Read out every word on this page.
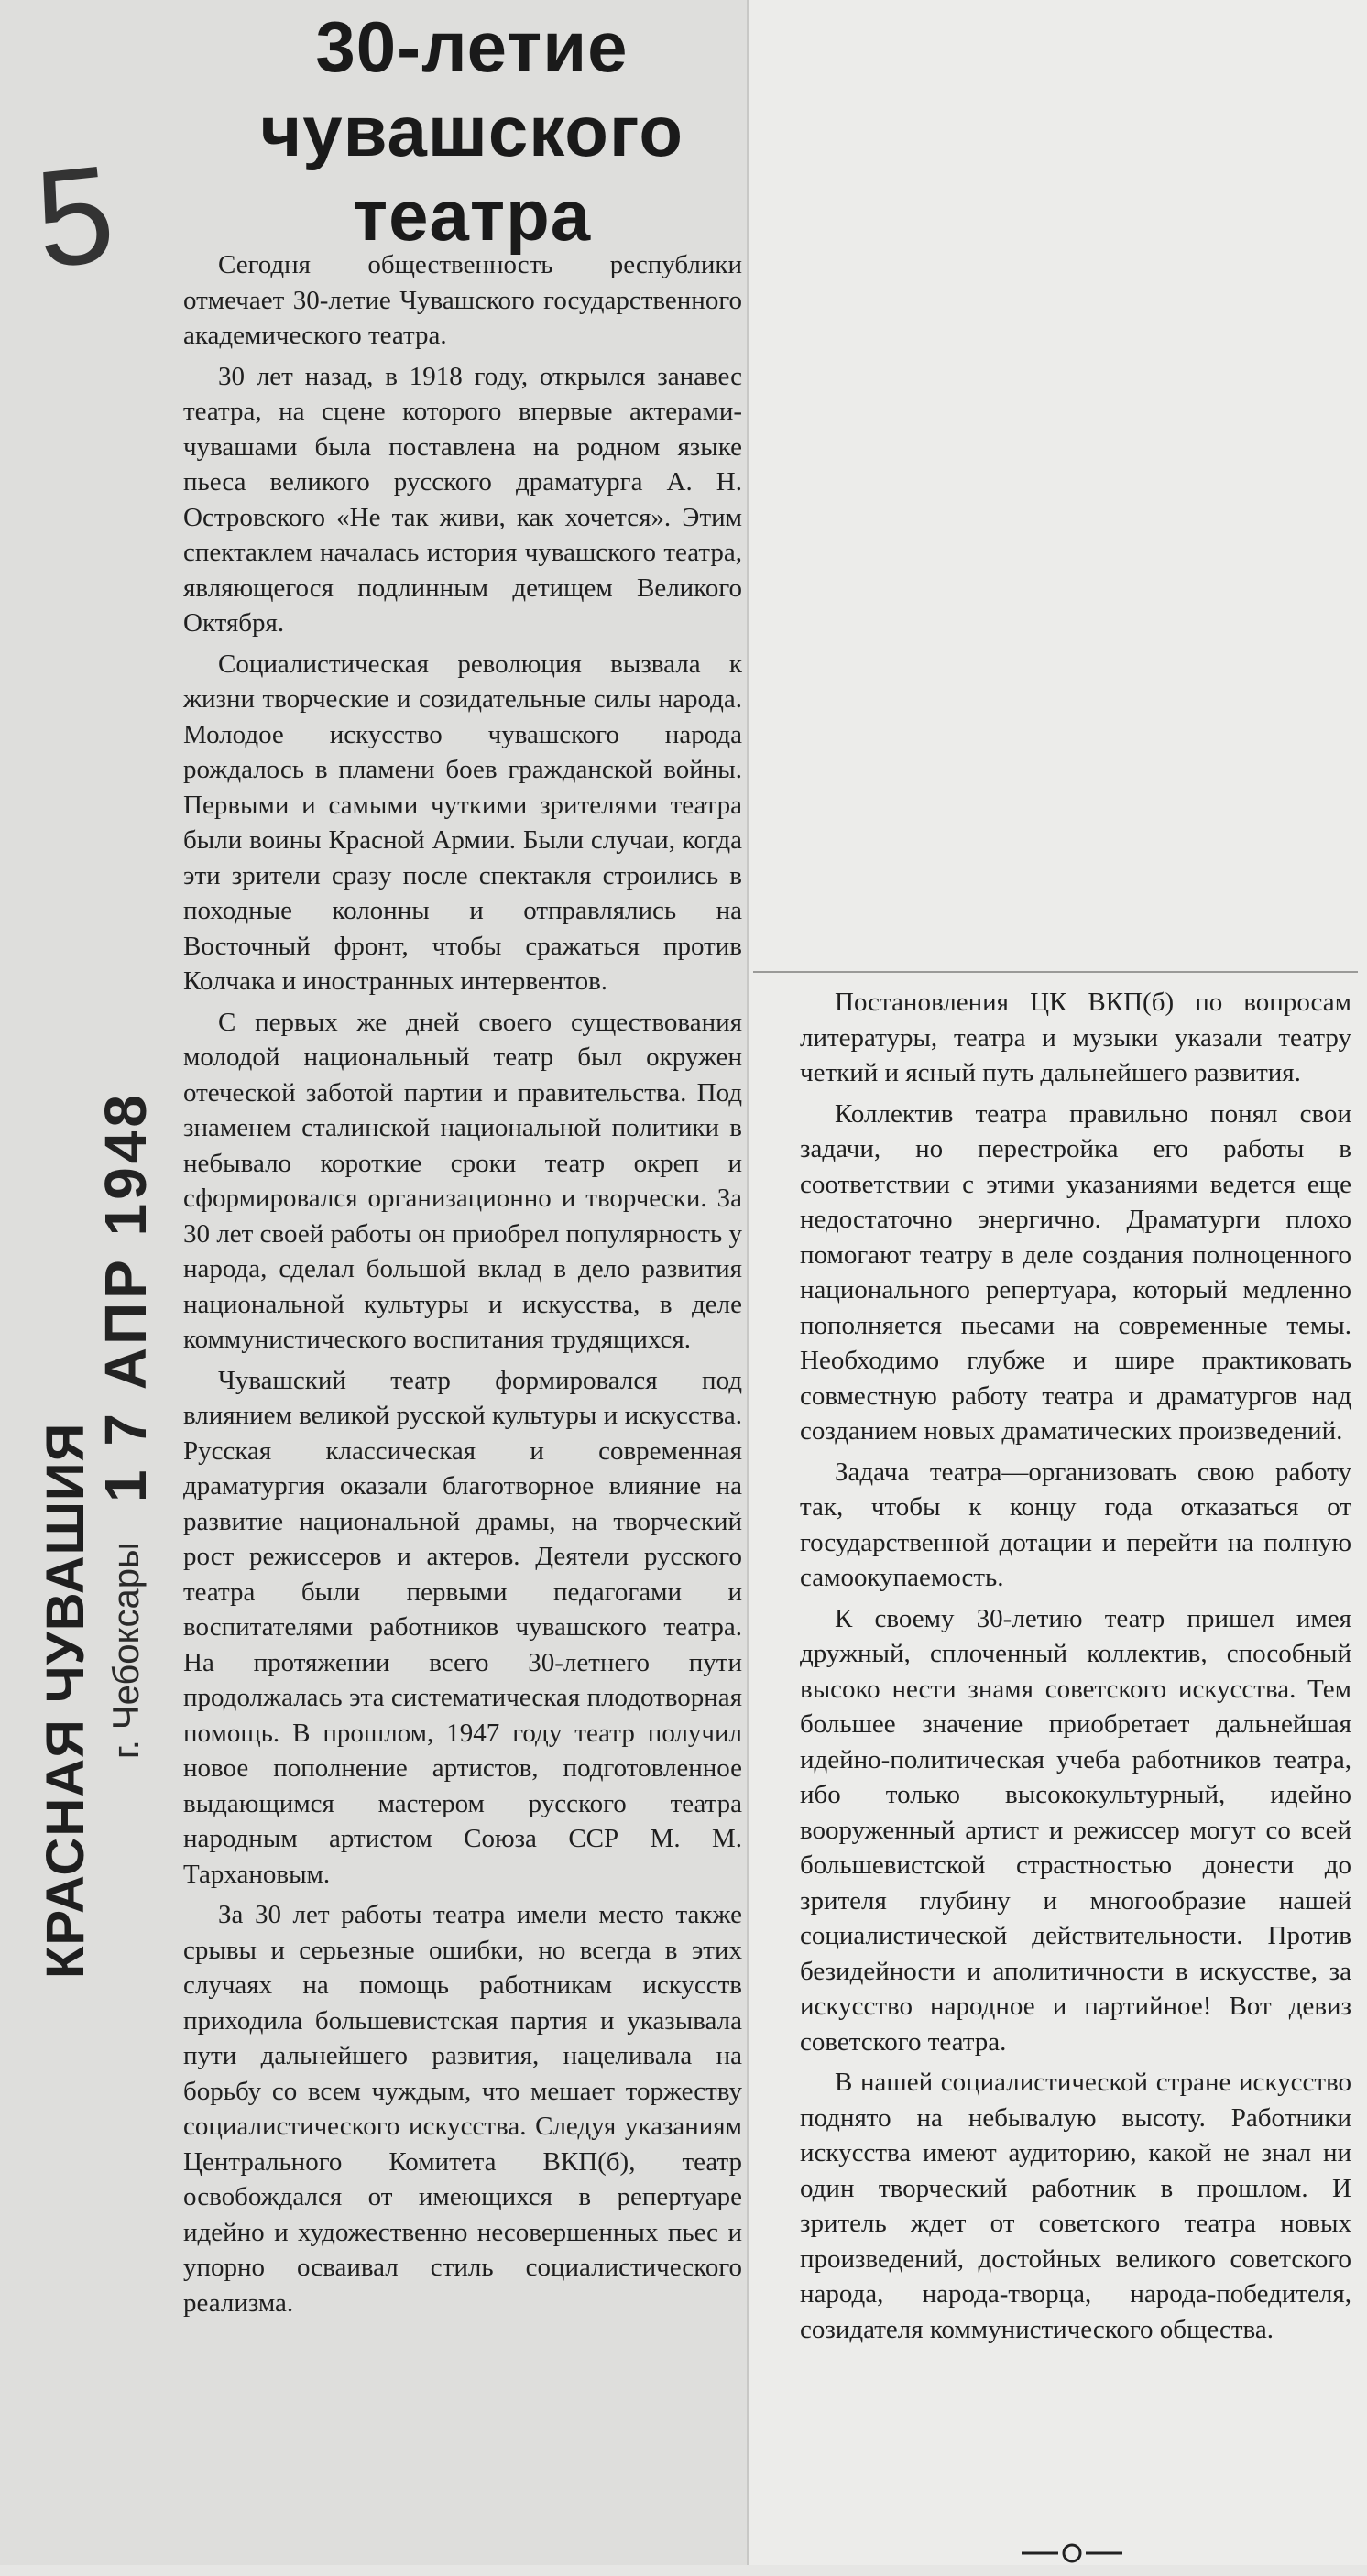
5
1 7 АПР 1948
КРАСНАЯ ЧУВАШИЯ г. Чебоксары
30-летие
чувашского
театра

Сегодня общественность республики отмечает 30-летие Чувашского государственного академического театра.

30 лет назад, в 1918 году, открылся занавес театра, на сцене которого впервые актерами-чувашами была поставлена на родном языке пьеса великого русского драматурга А. Н. Островского «Не так живи, как хочется». Этим спектаклем началась история чувашского театра, являющегося подлинным детищем Великого Октября.

Социалистическая революция вызвала к жизни творческие и созидательные силы народа. Молодое искусство чувашского народа рождалось в пламени боев гражданской войны. Первыми и самыми чуткими зрителями театра были воины Красной Армии. Были случаи, когда эти зрители сразу после спектакля строились в походные колонны и отправлялись на Восточный фронт, чтобы сражаться против Колчака и иностранных интервентов.

С первых же дней своего существования молодой национальный театр был окружен отеческой заботой партии и правительства. Под знаменем сталинской национальной политики в небывало короткие сроки театр окреп и сформировался организационно и творчески. За 30 лет своей работы он приобрел популярность у народа, сделал большой вклад в дело развития национальной культуры и искусства, в деле коммунистического воспитания трудящихся.

Чувашский театр формировался под влиянием великой русской культуры и искусства. Русская классическая и современная драматургия оказали благотворное влияние на развитие национальной драмы, на творческий рост режиссеров и актеров. Деятели русского театра были первыми педагогами и воспитателями работников чувашского театра. На протяжении всего 30-летнего пути продолжалась эта систематическая плодотворная помощь. В прошлом, 1947 году театр получил новое пополнение артистов, подготовленное выдающимся мастером русского театра народным артистом Союза ССР М. М. Тархановым.

За 30 лет работы театра имели место также срывы и серьезные ошибки, но всегда в этих случаях на помощь работникам искусств приходила большевистская партия и указывала пути дальнейшего развития, нацеливала на борьбу со всем чуждым, что мешает торжеству социалистического искусства. Следуя указаниям Центрального Комитета ВКП(б), театр освобождался от имеющихся в репертуаре идейно и художественно несовершенных пьес и упорно осваивал стиль социалистического реализма.

Постановления ЦК ВКП(б) по вопросам литературы, театра и музыки указали театру четкий и ясный путь дальнейшего развития.

Коллектив театра правильно понял свои задачи, но перестройка его работы в соответствии с этими указаниями ведется еще недостаточно энергично. Драматурги плохо помогают театру в деле создания полноценного национального репертуара, который медленно пополняется пьесами на современные темы. Необходимо глубже и шире практиковать совместную работу театра и драматургов над созданием новых драматических произведений.

Задача театра—организовать свою работу так, чтобы к концу года отказаться от государственной дотации и перейти на полную самоокупаемость.

К своему 30-летию театр пришел имея дружный, сплоченный коллектив, способный высоко нести знамя советского искусства. Тем большее значение приобретает дальнейшая идейно-политическая учеба работников театра, ибо только высококультурный, идейно вооруженный артист и режиссер могут со всей большевистской страстностью донести до зрителя глубину и многообразие нашей социалистической действительности. Против безидейности и аполитичности в искусстве, за искусство народное и партийное! Вот девиз советского театра.

В нашей социалистической стране искусство поднято на небывалую высоту. Работники искусства имеют аудиторию, какой не знал ни один творческий работник в прошлом. И зритель ждет от советского театра новых произведений, достойных великого советского народа, народа-творца, народа-победителя, созидателя коммунистического общества.
